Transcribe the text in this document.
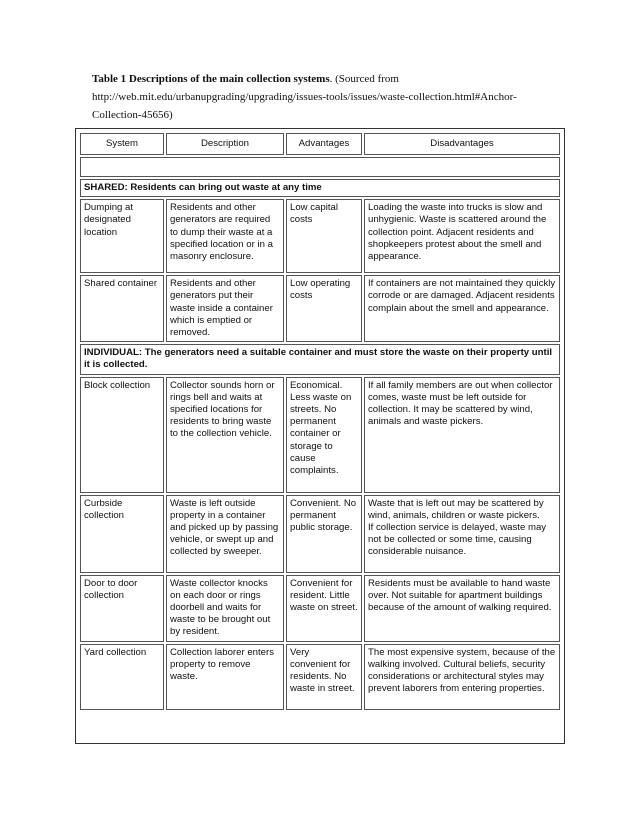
Table 1 Descriptions of the main collection systems. (Sourced from
http://web.mit.edu/urbanupgrading/upgrading/issues-tools/issues/waste-collection.html#Anchor-
Collection-45656)
System	Description	Advantages	Disadvantages

SHARED: Residents can bring out waste at any time			
Dumping at designated location	Residents and other generators are required to dump their waste at a specified location or in a masonry enclosure.	Low capital costs	Loading the waste into trucks is slow and unhygienic. Waste is scattered around the collection point. Adjacent residents and shopkeepers protest about the smell and appearance.
Shared container	Residents and other generators put their waste inside a container which is emptied or removed.	Low operating costs	If containers are not maintained they quickly corrode or are damaged. Adjacent residents complain about the smell and appearance.
INDIVIDUAL: The generators need a suitable container and must store the waste on their property until it is collected.			
Block collection	Collector sounds horn or rings bell and waits at specified locations for residents to bring waste to the collection vehicle.	Economical. Less waste on streets. No permanent container or storage to cause complaints.	If all family members are out when collector comes, waste must be left outside for collection. It may be scattered by wind, animals and waste pickers.
Curbside collection	Waste is left outside property in a container and picked up by passing vehicle, or swept up and collected by sweeper.	Convenient. No permanent public storage.	Waste that is left out may be scattered by wind, animals, children or waste pickers.
If collection service is delayed, waste may not be collected or some time, causing considerable nuisance.
Door to door collection	Waste collector knocks on each door or rings doorbell and waits for waste to be brought out by resident.	Convenient for resident. Little waste on street.	Residents must be available to hand waste over. Not suitable for apartment buildings because of the amount of walking required.
Yard collection	Collection laborer enters property to remove waste.	Very convenient for residents. No waste in street.	The most expensive system, because of the walking involved. Cultural beliefs, security considerations or architectural styles may prevent laborers from entering properties.
